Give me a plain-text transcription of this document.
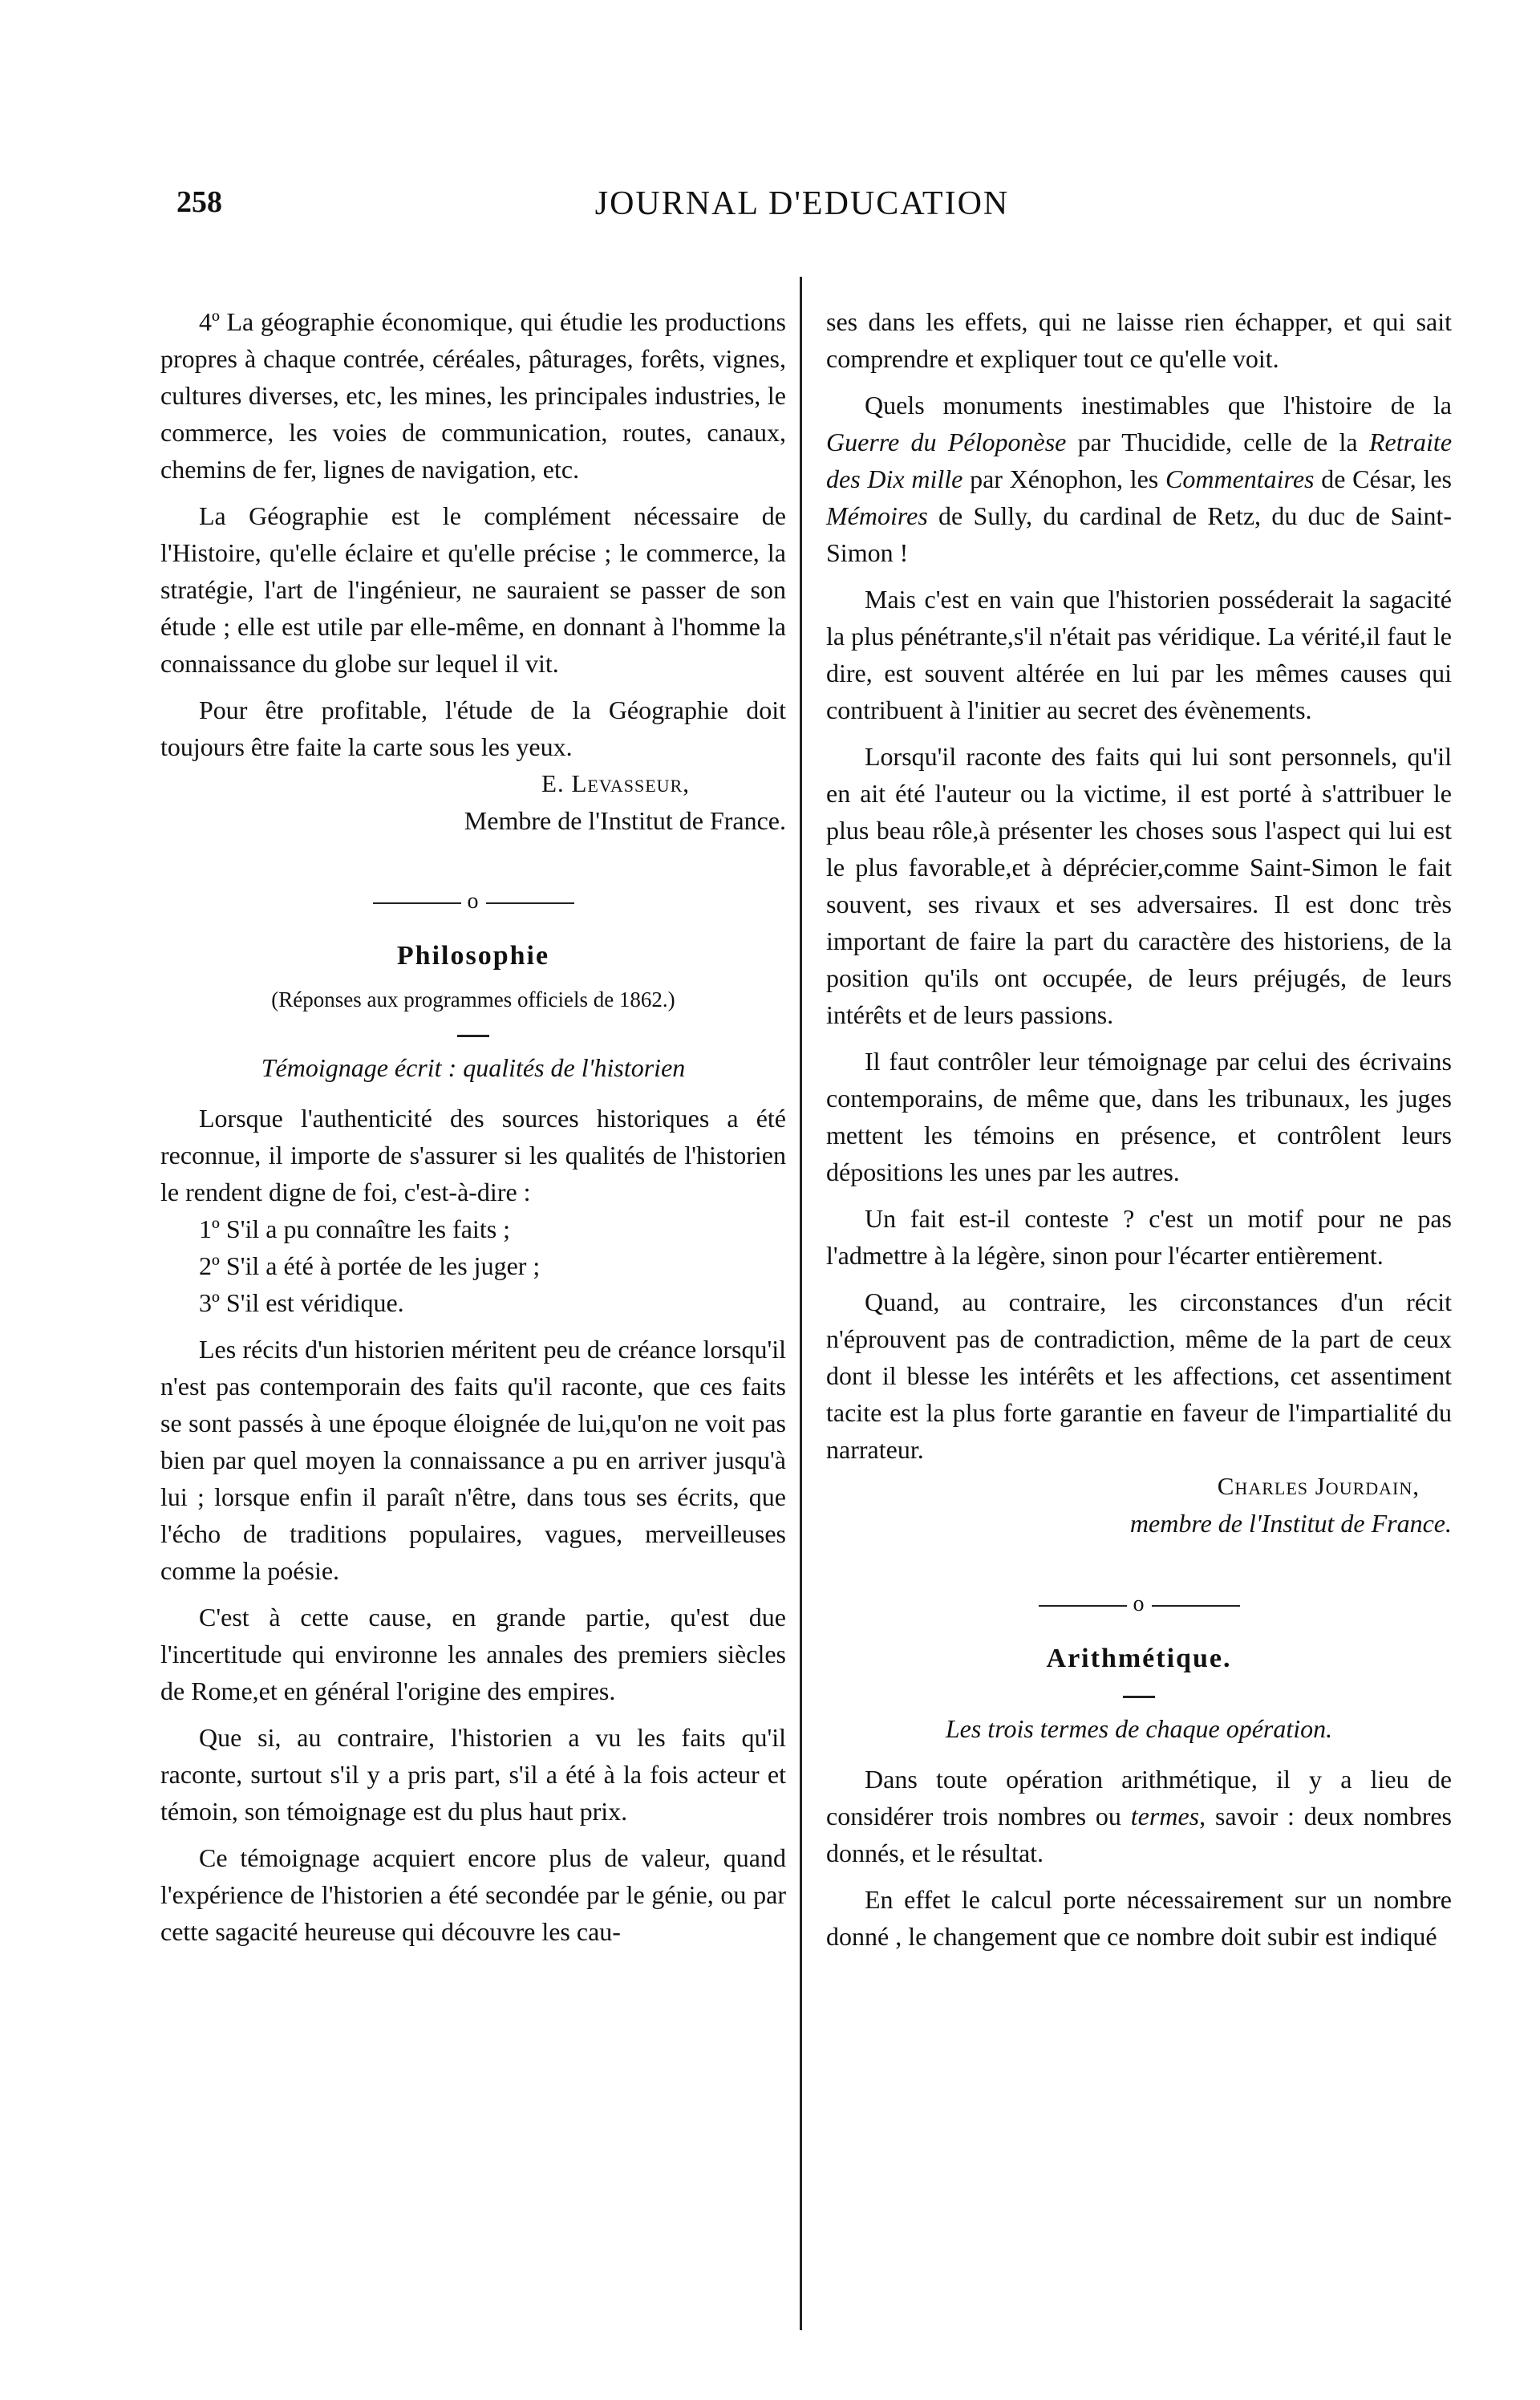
258	JOURNAL D'EDUCATION

4º La géographie économique, qui étudie les productions propres à chaque contrée, céréales, pâturages, forêts, vignes, cultures diverses, etc, les mines, les principales industries, le commerce, les voies de communication, routes, canaux, chemins de fer, lignes de navigation, etc.

La Géographie est le complément nécessaire de l'Histoire, qu'elle éclaire et qu'elle précise ; le commerce, la stratégie, l'art de l'ingénieur, ne sauraient se passer de son étude ; elle est utile par elle-même, en donnant à l'homme la connaissance du globe sur lequel il vit.

Pour être profitable, l'étude de la Géographie doit toujours être faite la carte sous les yeux.

E. Levasseur,
Membre de l'Institut de France.
o
Philosophie
(Réponses aux programmes officiels de 1862.)
Témoignage écrit : qualités de l'historien

Lorsque l'authenticité des sources historiques a été reconnue, il importe de s'assurer si les qualités de l'historien le rendent digne de foi, c'est-à-dire :

1º S'il a pu connaître les faits ;
2º S'il a été à portée de les juger ;
3º S'il est véridique.

Les récits d'un historien méritent peu de créance lorsqu'il n'est pas contemporain des faits qu'il raconte, que ces faits se sont passés à une époque éloignée de lui,qu'on ne voit pas bien par quel moyen la connaissance a pu en arriver jusqu'à lui ; lorsque enfin il paraît n'être, dans tous ses écrits, que l'écho de traditions populaires, vagues, merveilleuses comme la poésie.

C'est à cette cause, en grande partie, qu'est due l'incertitude qui environne les annales des premiers siècles de Rome,et en général l'origine des empires.

Que si, au contraire, l'historien a vu les faits qu'il raconte, surtout s'il y a pris part, s'il a été à la fois acteur et témoin, son témoignage est du plus haut prix.

Ce témoignage acquiert encore plus de valeur, quand l'expérience de l'historien a été secondée par le génie, ou par cette sagacité heureuse qui découvre les cau-

ses dans les effets, qui ne laisse rien échapper, et qui sait comprendre et expliquer tout ce qu'elle voit.

Quels monuments inestimables que l'histoire de la Guerre du Péloponèse par Thucidide, celle de la Retraite des Dix mille par Xénophon, les Commentaires de César, les Mémoires de Sully, du cardinal de Retz, du duc de Saint-Simon !

Mais c'est en vain que l'historien posséderait la sagacité la plus pénétrante,s'il n'était pas véridique. La vérité,il faut le dire, est souvent altérée en lui par les mêmes causes qui contribuent à l'initier au secret des évènements.

Lorsqu'il raconte des faits qui lui sont personnels, qu'il en ait été l'auteur ou la victime, il est porté à s'attribuer le plus beau rôle,à présenter les choses sous l'aspect qui lui est le plus favorable,et à déprécier,comme Saint-Simon le fait souvent, ses rivaux et ses adversaires. Il est donc très important de faire la part du caractère des historiens, de la position qu'ils ont occupée, de leurs préjugés, de leurs intérêts et de leurs passions.

Il faut contrôler leur témoignage par celui des écrivains contemporains, de même que, dans les tribunaux, les juges mettent les témoins en présence, et contrôlent leurs dépositions les unes par les autres.

Un fait est-il conteste ? c'est un motif pour ne pas l'admettre à la légère, sinon pour l'écarter entièrement.

Quand, au contraire, les circonstances d'un récit n'éprouvent pas de contradiction, même de la part de ceux dont il blesse les intérêts et les affections, cet assentiment tacite est la plus forte garantie en faveur de l'impartialité du narrateur.

Charles Jourdain,
membre de l'Institut de France.
o
Arithmétique.
Les trois termes de chaque opération.

Dans toute opération arithmétique, il y a lieu de considérer trois nombres ou termes, savoir : deux nombres donnés, et le résultat.

En effet le calcul porte nécessairement sur un nombre donné , le changement que ce nombre doit subir est indiqué
